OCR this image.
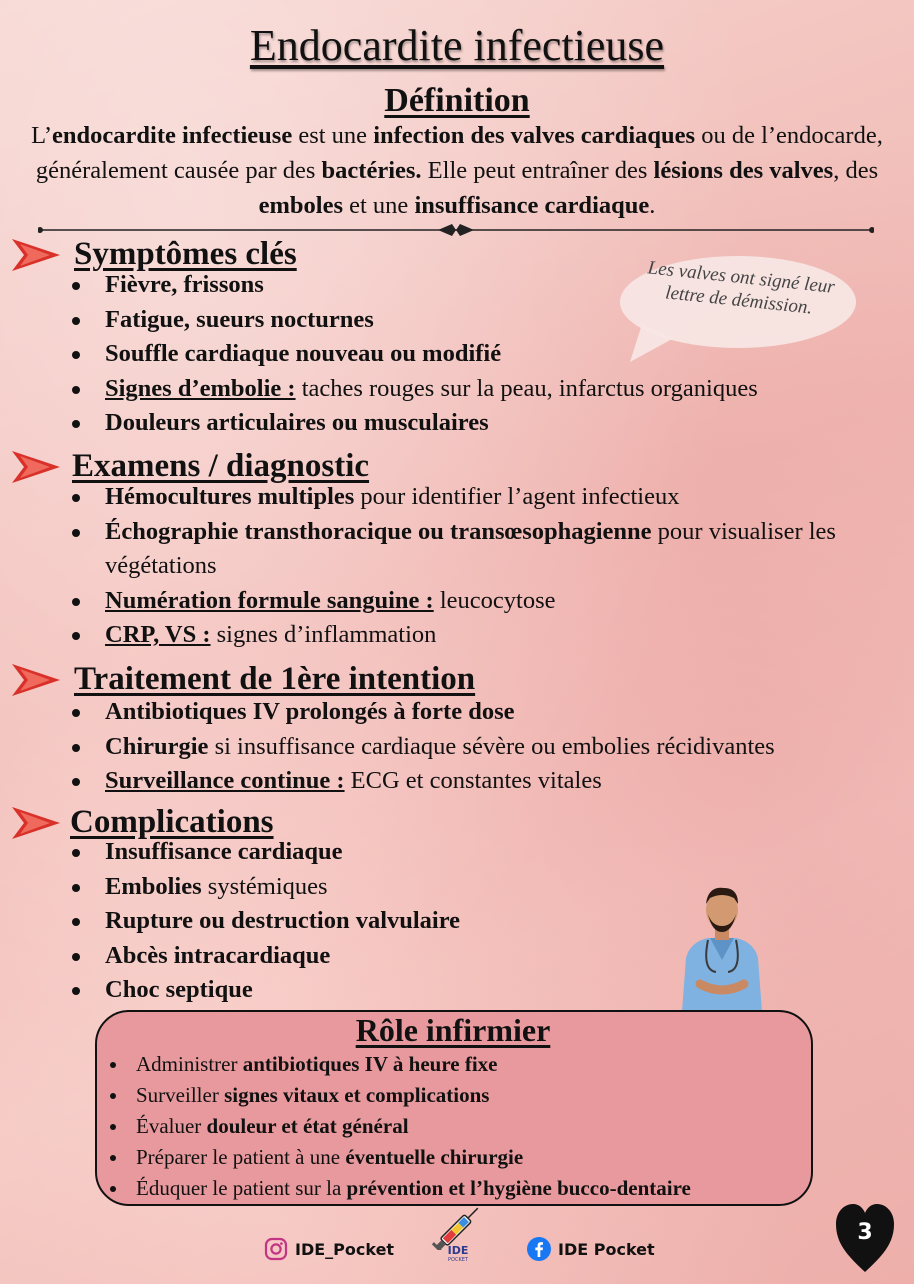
Endocardite infectieuse
Définition
L’endocardite infectieuse est une infection des valves cardiaques ou de l’endocarde, généralement causée par des bactéries. Elle peut entraîner des lésions des valves, des emboles et une insuffisance cardiaque.
Les valves ont signé leur lettre de démission.
Symptômes clés
Fièvre, frissons
Fatigue, sueurs nocturnes
Souffle cardiaque nouveau ou modifié
Signes d’embolie : taches rouges sur la peau, infarctus organiques
Douleurs articulaires ou musculaires
Examens / diagnostic
Hémocultures multiples pour identifier l’agent infectieux
Échographie transthoracique ou transœsophagienne pour visualiser les végétations
Numération formule sanguine : leucocytose
CRP, VS : signes d’inflammation
Traitement de 1ère intention
Antibiotiques IV prolongés à forte dose
Chirurgie si insuffisance cardiaque sévère ou embolies récidivantes
Surveillance continue : ECG et constantes vitales
Complications
Insuffisance cardiaque
Embolies systémiques
Rupture ou destruction valvulaire
Abcès intracardiaque
Choc septique
Rôle infirmier
Administrer antibiotiques IV à heure fixe
Surveiller signes vitaux et complications
Évaluer douleur et état général
Préparer le patient à une éventuelle chirurgie
Éduquer le patient sur la prévention et l’hygiène bucco-dentaire
IDE_Pocket	IDE
POCKET
IDE Pocket
3
